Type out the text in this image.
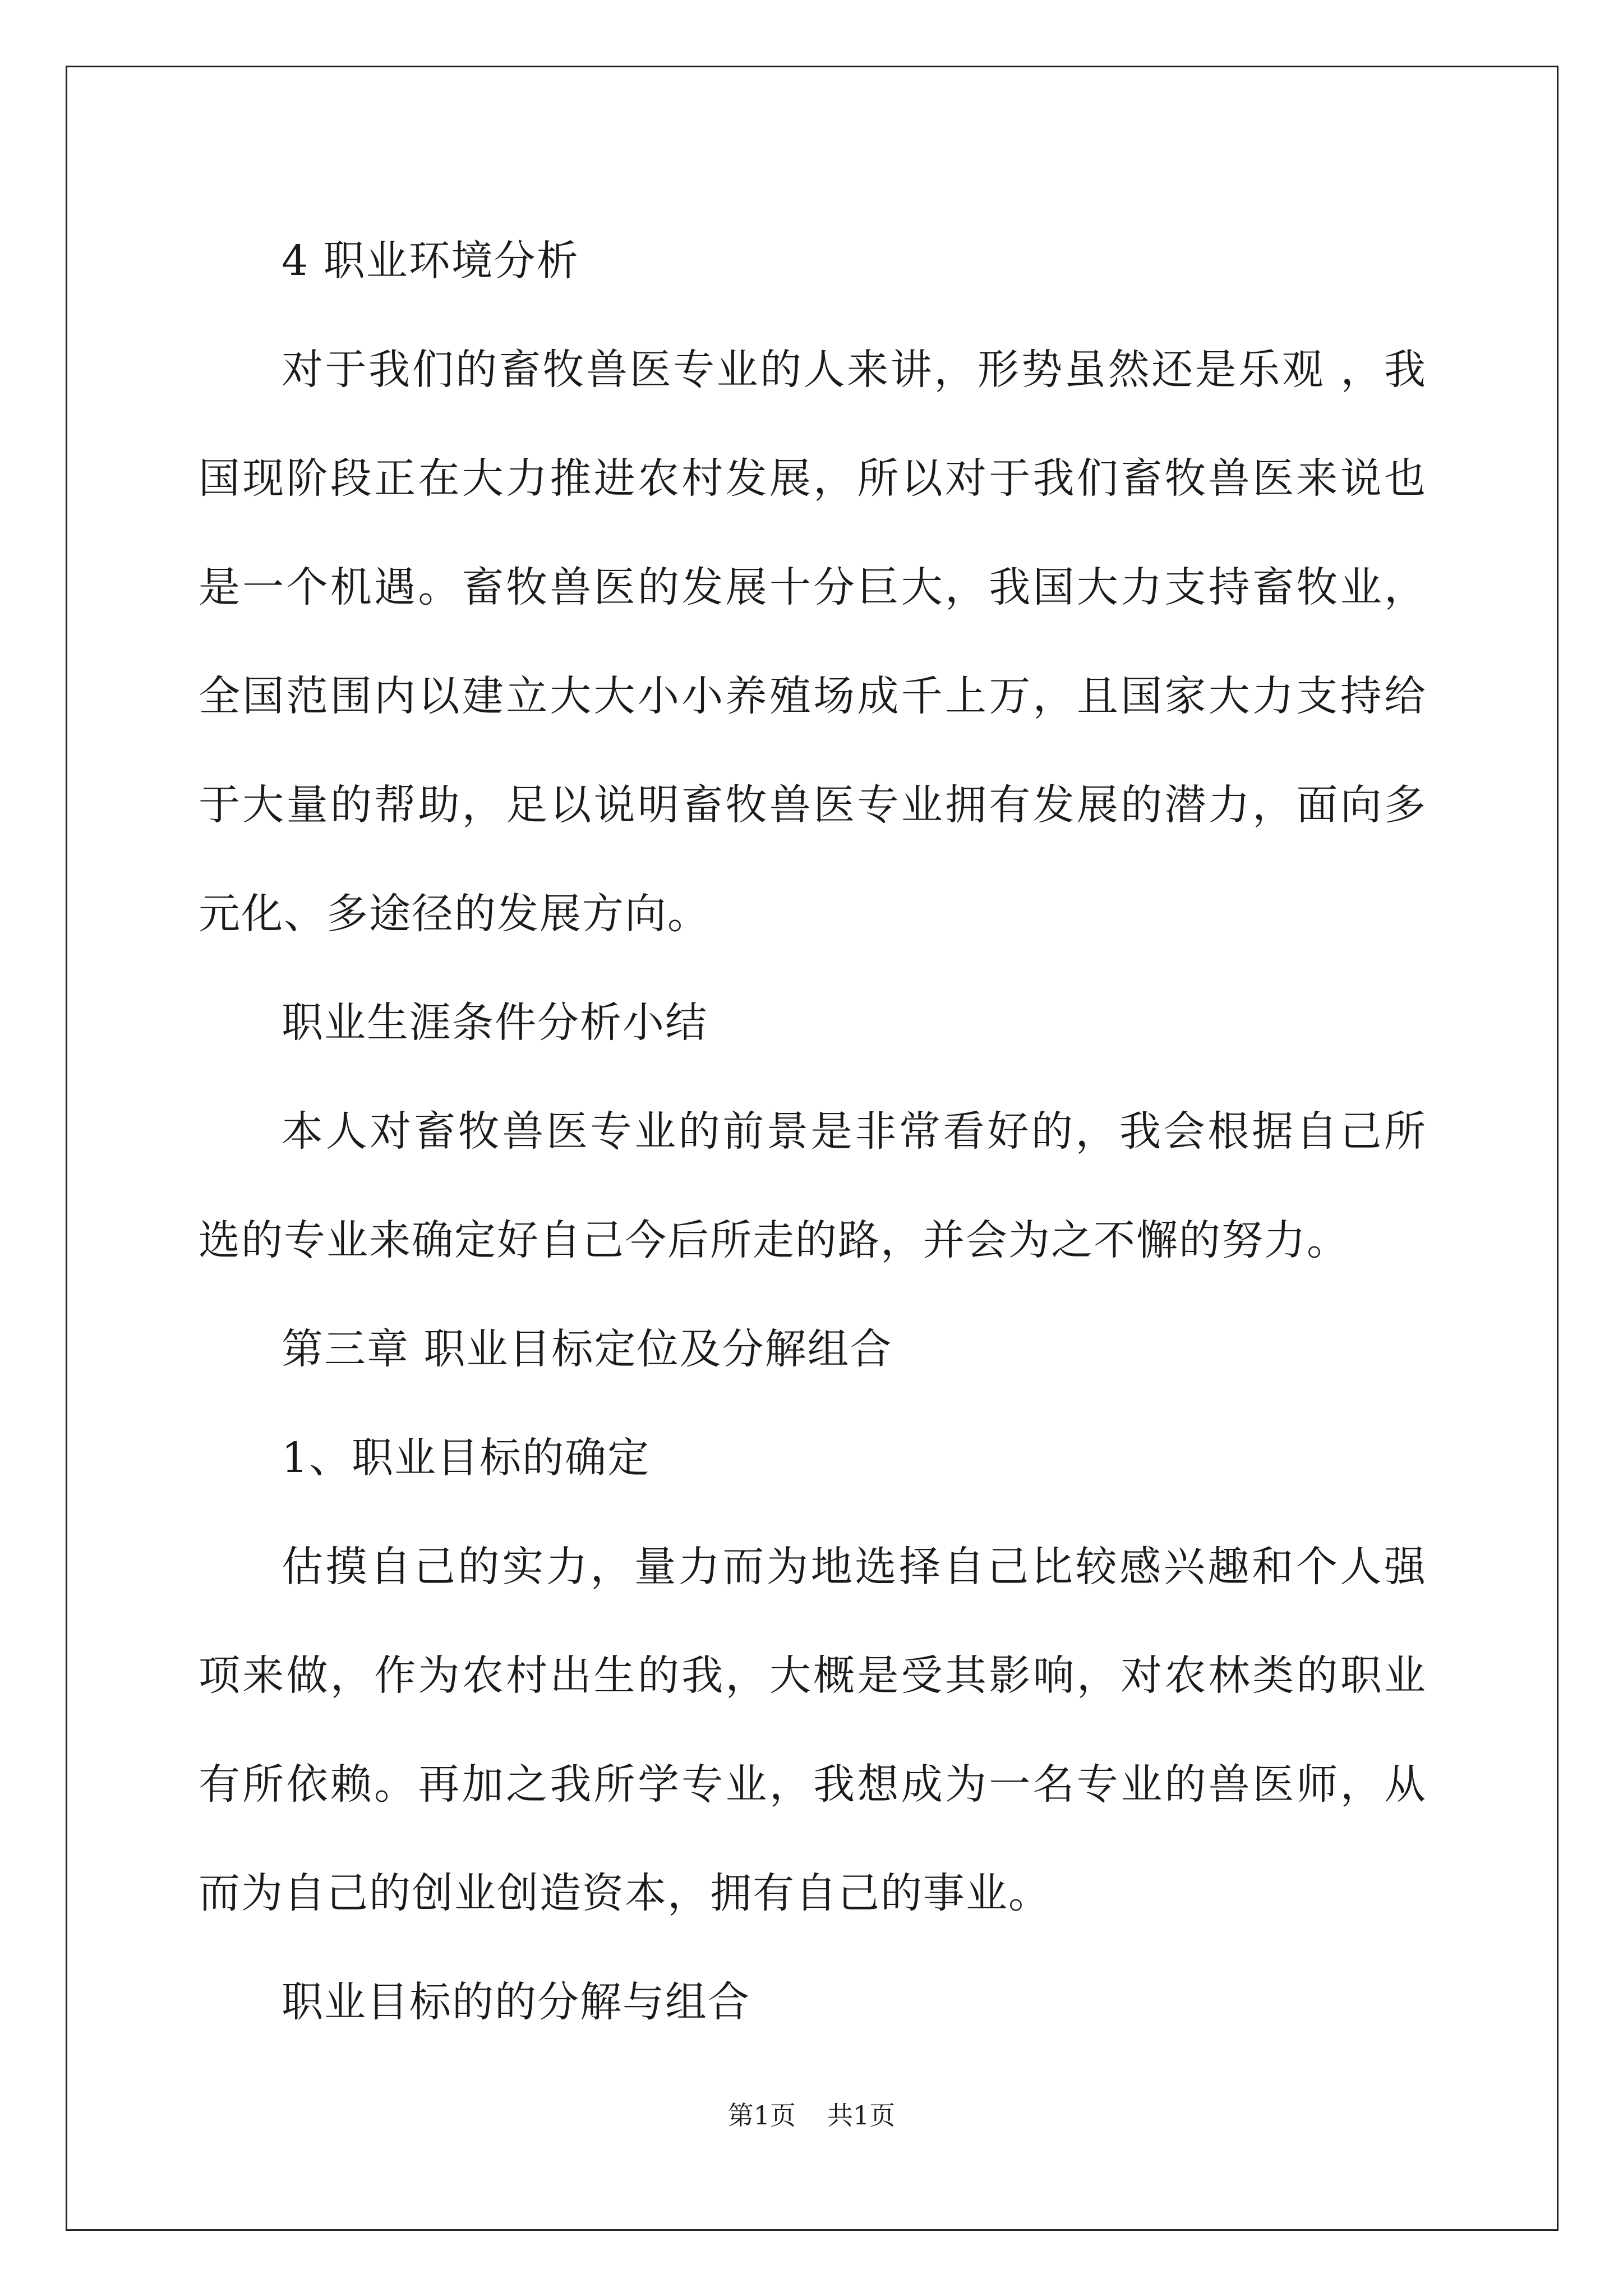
4 职业环境分析

对于我们的畜牧兽医专业的人来讲，形势虽然还是乐观 ，我国现阶段正在大力推进农村发展，所以对于我们畜牧兽医来说也是一个机遇。畜牧兽医的发展十分巨大，我国大力支持畜牧业，全国范围内以建立大大小小养殖场成千上万，且国家大力支持给于大量的帮助，足以说明畜牧兽医专业拥有发展的潜力，面向多元化、多途径的发展方向。

职业生涯条件分析小结

本人对畜牧兽医专业的前景是非常看好的，我会根据自己所选的专业来确定好自己今后所走的路，并会为之不懈的努力。

第三章 职业目标定位及分解组合

1、职业目标的确定

估摸自己的实力，量力而为地选择自己比较感兴趣和个人强项来做，作为农村出生的我，大概是受其影响，对农林类的职业有所依赖。再加之我所学专业，我想成为一名专业的兽医师，从而为自己的创业创造资本，拥有自己的事业。

职业目标的的分解与组合

第1页 共1页
